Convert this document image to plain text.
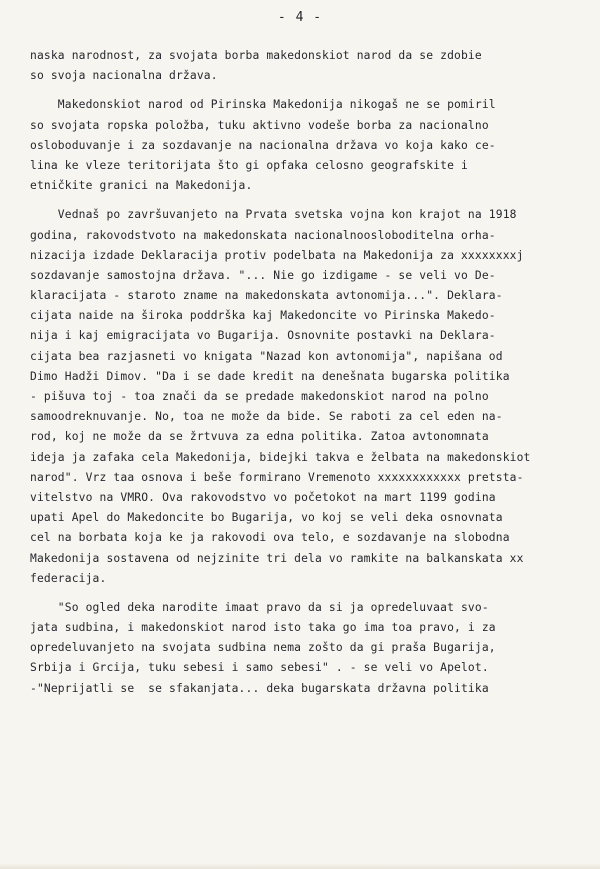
- 4 -
naska narodnost, za svojata borba makedonskiot narod da se zdobie
so svoja nacionalna država.
Makedonskiot narod od Pirinska Makedonija nikogaš ne se pomiril
so svojata ropska položba, tuku aktivno vodeše borba za nacionalno
osloboduvanje i za sozdavanje na nacionalna država vo koja kako ce-
lina ke vleze teritorijata što gi opfaka celosno geografskite i
etničkite granici na Makedonija.
Vednaš po završuvanjeto na Prvata svetska vojna kon krajot na 1918
godina, rakovodstvoto na makedonskata nacionalnoosloboditelna orha-
nizacija izdade Deklaracija protiv podelbata na Makedonija za xxxxxxxxj
sozdavanje samostojna država. "... Nie go izdigame - se veli vo De-
klaracijata - staroto zname na makedonskata avtonomija...". Deklara-
cijata naide na široka poddrška kaj Makedoncite vo Pirinska Makedo-
nija i kaj emigracijata vo Bugarija. Osnovnite postavki na Deklara-
cijata bea razjasneti vo knigata "Nazad kon avtonomija", napišana od
Dimo Hadži Dimov. "Da i se dade kredit na denešnata bugarska politika
- pišuva toj - toa znači da se predade makedonskiot narod na polno
samoodreknuvanje. No, toa ne može da bide. Se raboti za cel eden na-
rod, koj ne može da se žrtvuva za edna politika. Zatoa avtonomnata
ideja ja zafaka cela Makedonija, bidejki takva e želbata na makedonskiot
narod". Vrz taa osnova i beše formirano Vremenoto xxxxxxxxxxxx pretsta-
vitelstvo na VMRO. Ova rakovodstvo vo početokot na mart 1199 godina
upati Apel do Makedoncite bo Bugarija, vo koj se veli deka osnovnata
cel na borbata koja ke ja rakovodi ova telo, e sozdavanje na slobodna
Makedonija sostavena od nejzinite tri dela vo ramkite na balkanskata xx
federacija.
"So ogled deka narodite imaat pravo da si ja opredeluvaat svo-
jata sudbina, i makedonskiot narod isto taka go ima toa pravo, i za
opredeluvanjeto na svojata sudbina nema zošto da gi praša Bugarija,
Srbija i Grcija, tuku sebesi i samo sebesi" . - se veli vo Apelot.
-"Neprijatli se  se sfakanjata... deka bugarskata državna politika
